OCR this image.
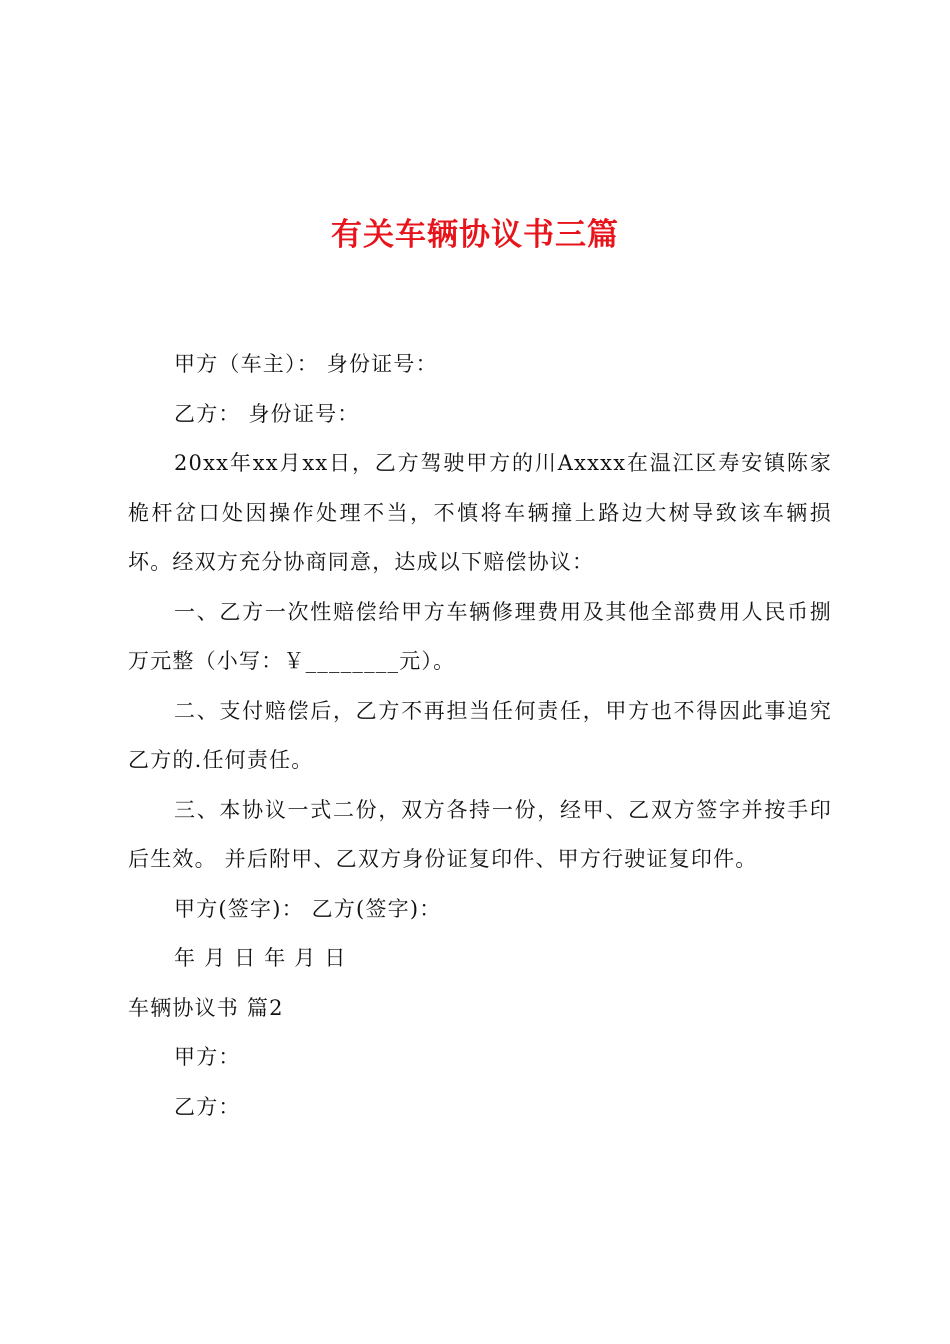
有关车辆协议书三篇

甲方（车主）： 身份证号：

乙方： 身份证号：

20xx年xx月xx日，乙方驾驶甲方的川Axxxx在温江区寿安镇陈家桅杆岔口处因操作处理不当，不慎将车辆撞上路边大树导致该车辆损坏。经双方充分协商同意，达成以下赔偿协议：

一、乙方一次性赔偿给甲方车辆修理费用及其他全部费用人民币捌万元整（小写：￥________元）。

二、支付赔偿后，乙方不再担当任何责任，甲方也不得因此事追究乙方的.任何责任。

三、本协议一式二份，双方各持一份，经甲、乙双方签字并按手印后生效。 并后附甲、乙双方身份证复印件、甲方行驶证复印件。

甲方(签字)： 乙方(签字)：

年 月 日 年 月 日

车辆协议书 篇2

甲方：

乙方：
